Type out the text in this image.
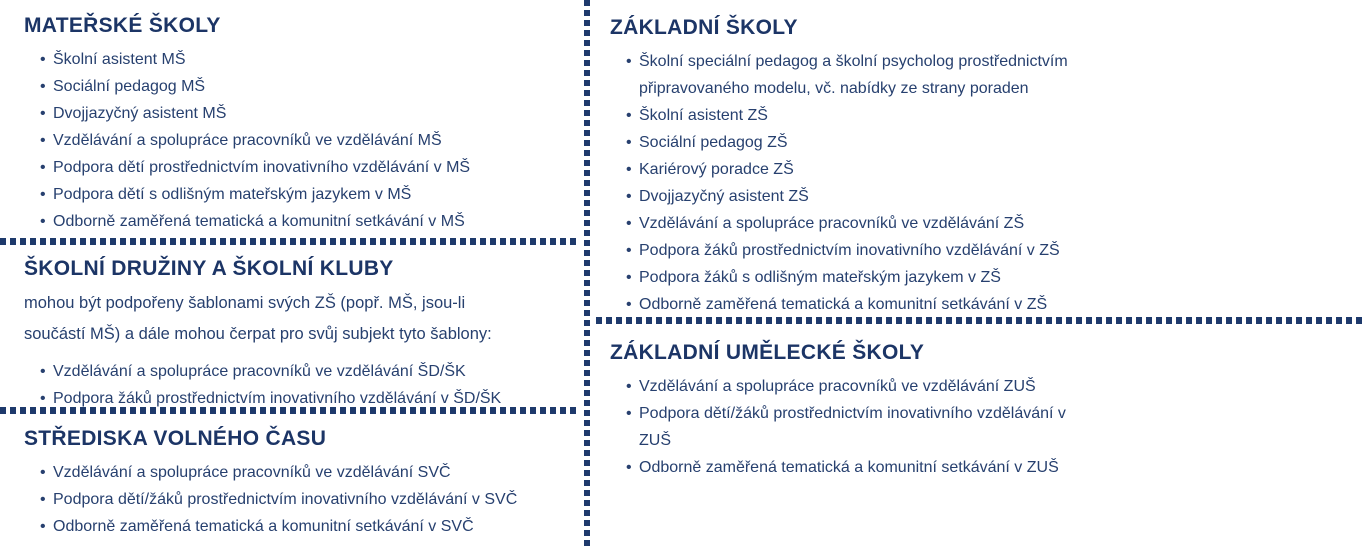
MATEŘSKÉ ŠKOLY
• Školní asistent MŠ
• Sociální pedagog MŠ
• Dvojjazyčný asistent MŠ
• Vzdělávání a spolupráce pracovníků ve vzdělávání MŠ
• Podpora dětí prostřednictvím inovativního vzdělávání v MŠ
• Podpora dětí s odlišným mateřským jazykem v MŠ
• Odborně zaměřená tematická a komunitní setkávání v MŠ
ŠKOLNÍ DRUŽINY A ŠKOLNÍ KLUBY
mohou být podpořeny šablonami svých ZŠ (popř. MŠ, jsou-li
součástí MŠ) a dále mohou čerpat pro svůj subjekt tyto šablony:
• Vzdělávání a spolupráce pracovníků ve vzdělávání ŠD/ŠK
• Podpora žáků prostřednictvím inovativního vzdělávání v ŠD/ŠK
STŘEDISKA VOLNÉHO ČASU
• Vzdělávání a spolupráce pracovníků ve vzdělávání SVČ
• Podpora dětí/žáků prostřednictvím inovativního vzdělávání v SVČ
• Odborně zaměřená tematická a komunitní setkávání v SVČ
ZÁKLADNÍ ŠKOLY
• Školní speciální pedagog a školní psycholog prostřednictvím připravovaného modelu, vč. nabídky ze strany poraden
• Školní asistent ZŠ
• Sociální pedagog ZŠ
• Kariérový poradce ZŠ
• Dvojjazyčný asistent ZŠ
• Vzdělávání a spolupráce pracovníků ve vzdělávání ZŠ
• Podpora žáků prostřednictvím inovativního vzdělávání v ZŠ
• Podpora žáků s odlišným mateřským jazykem v ZŠ
• Odborně zaměřená tematická a komunitní setkávání v ZŠ
ZÁKLADNÍ UMĚLECKÉ ŠKOLY
• Vzdělávání a spolupráce pracovníků ve vzdělávání ZUŠ
• Podpora dětí/žáků prostřednictvím inovativního vzdělávání v ZUŠ
• Odborně zaměřená tematická a komunitní setkávání v ZUŠ
